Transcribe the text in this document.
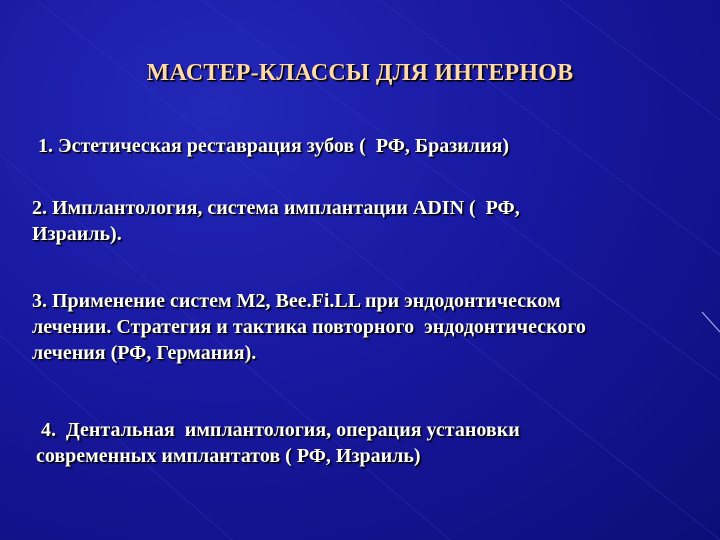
МАСТЕР-КЛАССЫ ДЛЯ ИНТЕРНОВ
1. Эстетическая реставрация зубов (  РФ, Бразилия)
2. Имплантология, система имплантации ADIN (  РФ,
Израиль).
3. Применение систем М2, Bee.Fi.LL при эндодонтическом
лечении. Стратегия и тактика повторного  эндодонтического
лечения (РФ, Германия).
4.  Дентальная  имплантология, операция установки
современных имплантатов ( РФ, Израиль)
